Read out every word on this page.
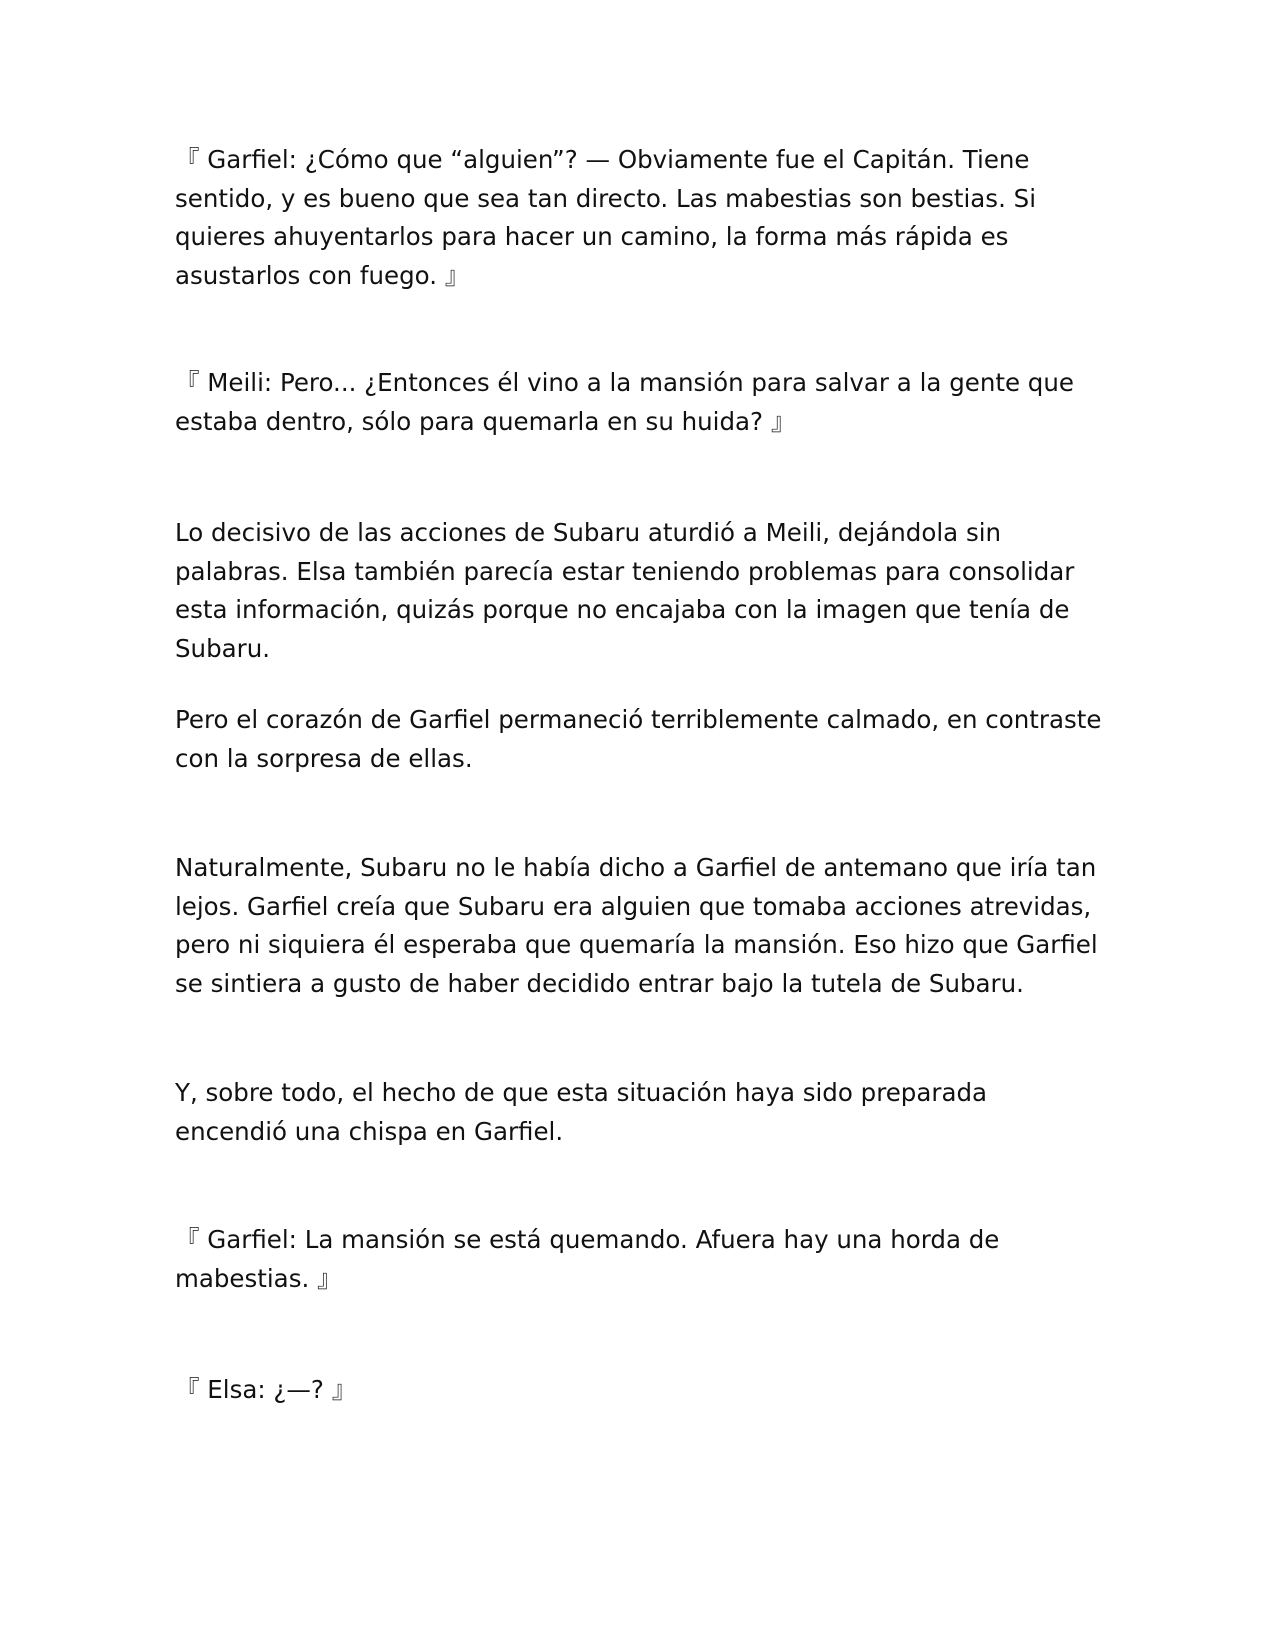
『 Garfiel: ¿Cómo que “alguien”? — Obviamente fue el Capitán. Tiene sentido, y es bueno que sea tan directo. Las mabestias son bestias. Si quieres ahuyentarlos para hacer un camino, la forma más rápida es asustarlos con fuego. 』

『 Meili: Pero... ¿Entonces él vino a la mansión para salvar a la gente que estaba dentro, sólo para quemarla en su huida? 』

Lo decisivo de las acciones de Subaru aturdió a Meili, dejándola sin palabras. Elsa también parecía estar teniendo problemas para consolidar esta información, quizás porque no encajaba con la imagen que tenía de Subaru.

Pero el corazón de Garfiel permaneció terriblemente calmado, en contraste con la sorpresa de ellas.

Naturalmente, Subaru no le había dicho a Garfiel de antemano que iría tan lejos. Garfiel creía que Subaru era alguien que tomaba acciones atrevidas, pero ni siquiera él esperaba que quemaría la mansión. Eso hizo que Garfiel se sintiera a gusto de haber decidido entrar bajo la tutela de Subaru.

Y, sobre todo, el hecho de que esta situación haya sido preparada encendió una chispa en Garfiel.

『 Garfiel: La mansión se está quemando. Afuera hay una horda de mabestias. 』

『 Elsa: ¿—? 』
